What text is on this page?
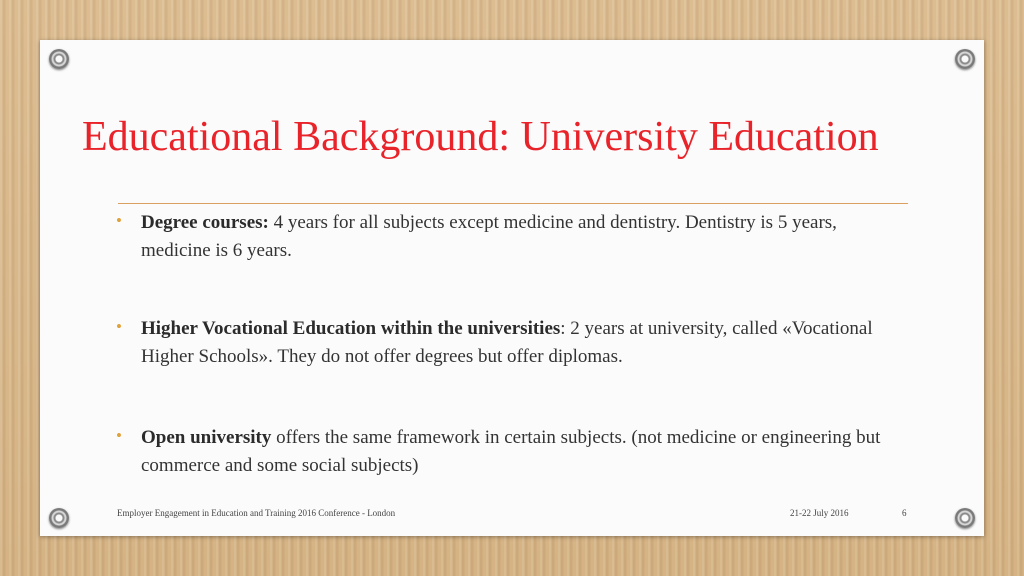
Educational Background: University Education
• Degree courses: 4 years for all subjects except medicine and dentistry. Dentistry is 5 years, medicine is 6 years.
• Higher Vocational Education within the universities: 2 years at university, called «Vocational Higher Schools». They do not offer degrees but offer diplomas.
• Open university offers the same framework in certain subjects. (not medicine or engineering but commerce and some social subjects)
Employer Engagement in Education and Training 2016 Conference - London	21-22 July 2016	6
